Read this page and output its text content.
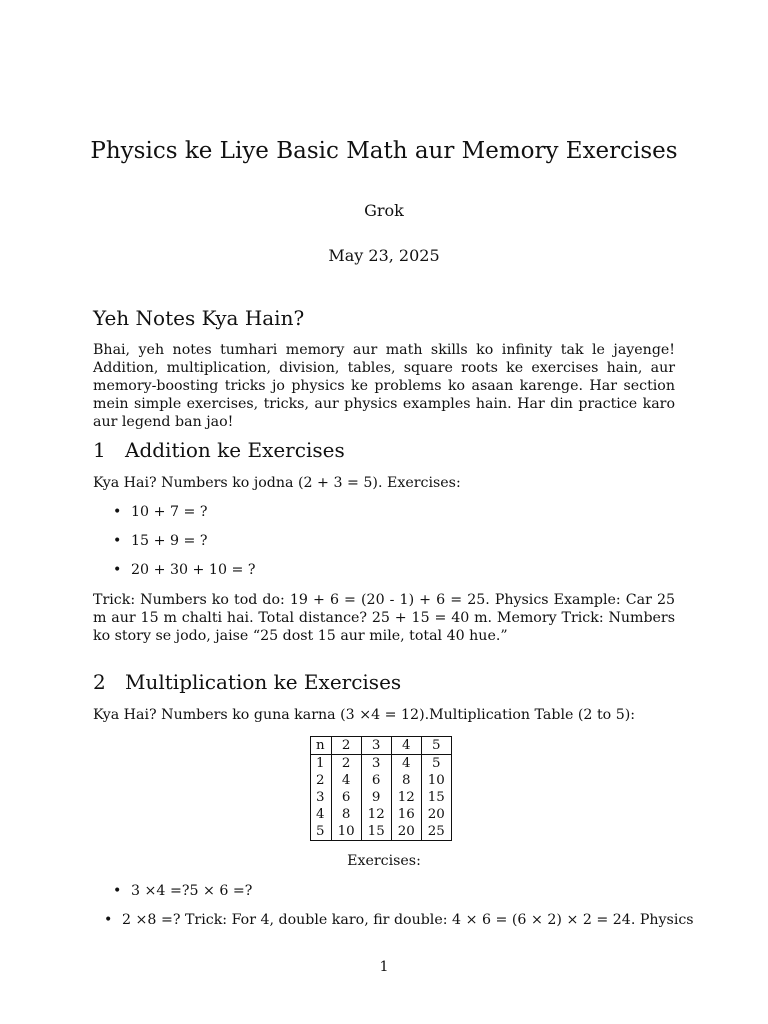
Physics ke Liye Basic Math aur Memory Exercises
Grok
May 23, 2025
Yeh Notes Kya Hain?

Bhai, yeh notes tumhari memory aur math skills ko infinity tak le jayenge! Addition, multiplication, division, tables, square roots ke exercises hain, aur memory-boosting tricks jo physics ke problems ko asaan karenge. Har section mein simple exercises, tricks, aur physics examples hain. Har din practice karo aur legend ban jao!

1 Addition ke Exercises

Kya Hai? Numbers ko jodna (2 + 3 = 5). Exercises:

• 10 + 7 = ?
• 15 + 9 = ?
• 20 + 30 + 10 = ?

Trick: Numbers ko tod do: 19 + 6 = (20 - 1) + 6 = 25. Physics Example: Car 25 m aur 15 m chalti hai. Total distance? 25 + 15 = 40 m. Memory Trick: Numbers ko story se jodo, jaise “25 dost 15 aur mile, total 40 hue.”

2 Multiplication ke Exercises

Kya Hai? Numbers ko guna karna (3 ×4 = 12).Multiplication Table (2 to 5):

n	2	3	4	5
1	2	3	4	5
2	4	6	8	10
3	6	9	12	15
4	8	12	16	20
5	10	15	20	25
Exercises:
• 3 ×4 =?5 × 6 =?
• 2 ×8 =? Trick: For 4, double karo, fir double: 4 × 6 = (6 × 2) × 2 = 24. Physics
1
